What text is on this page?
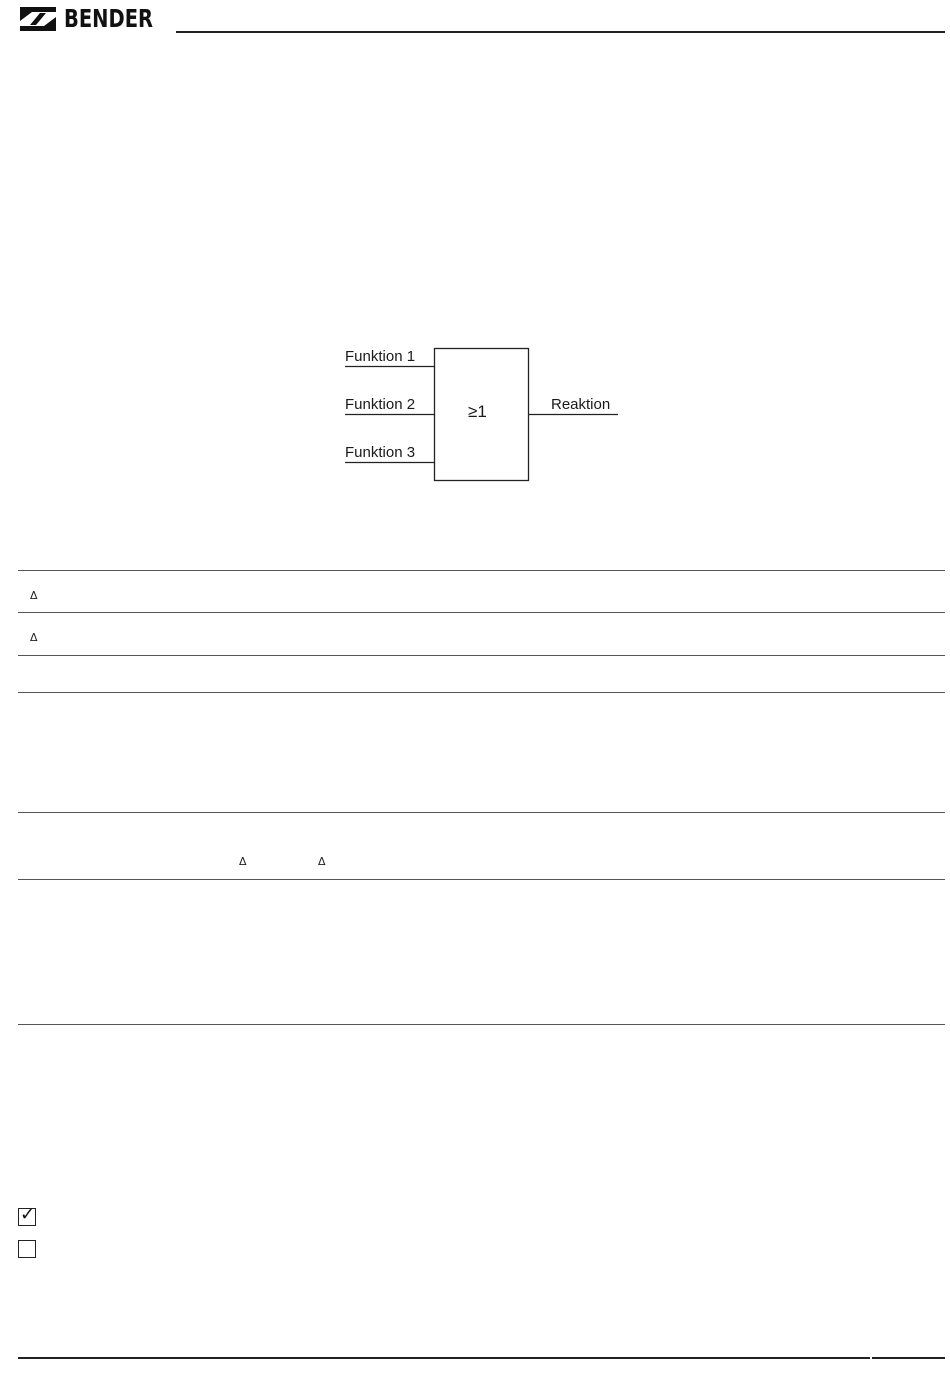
BENDER
Funktion 1
Funktion 2
Funktion 3
≥1	Reaktion
Δ
Δ
Δ	Δ
✓
